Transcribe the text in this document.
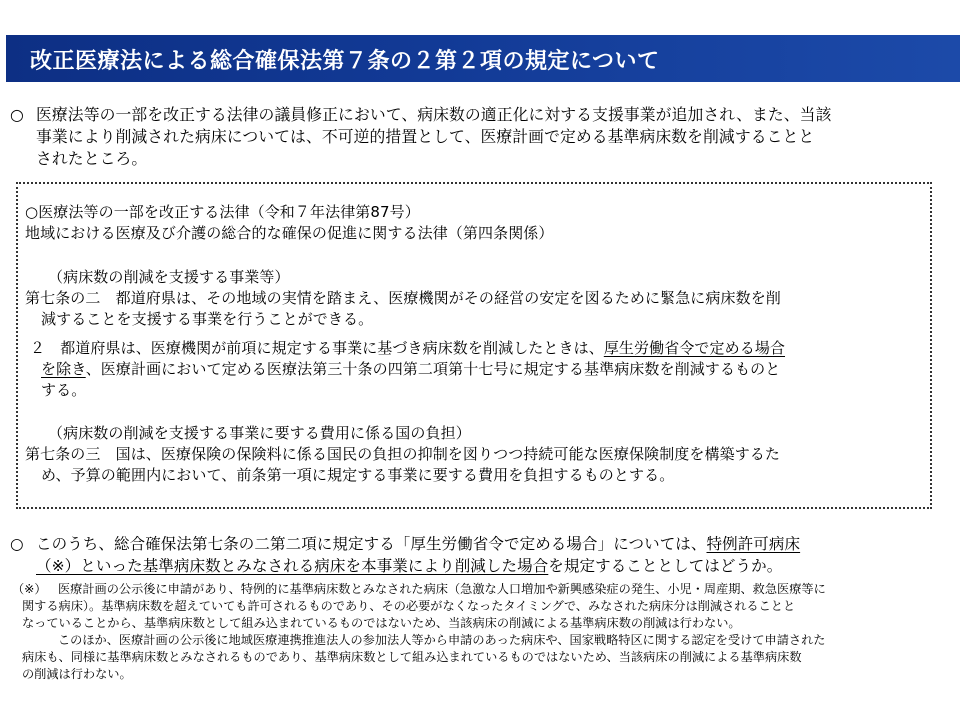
改正医療法による総合確保法第７条の２第２項の規定について
○ 医療法等の一部を改正する法律の議員修正において、病床数の適正化に対する支援事業が追加され、また、当該
事業により削減された病床については、不可逆的措置として、医療計画で定める基準病床数を削減することと
されたところ。
○医療法等の一部を改正する法律（令和７年法律第87号）
地域における医療及び介護の総合的な確保の促進に関する法律（第四条関係）
（病床数の削減を支援する事業等）
第七条の二　都道府県は、その地域の実情を踏まえ、医療機関がその経営の安定を図るために緊急に病床数を削
減することを支援する事業を行うことができる。
２　都道府県は、医療機関が前項に規定する事業に基づき病床数を削減したときは、厚生労働省令で定める場合
を除き、医療計画において定める医療法第三十条の四第二項第十七号に規定する基準病床数を削減するものと
する。
（病床数の削減を支援する事業に要する費用に係る国の負担）
第七条の三　国は、医療保険の保険料に係る国民の負担の抑制を図りつつ持続可能な医療保険制度を構築するた
め、予算の範囲内において、前条第一項に規定する事業に要する費用を負担するものとする。
○ このうち、総合確保法第七条の二第二項に規定する「厚生労働省令で定める場合」については、特例許可病床
（※）といった基準病床数とみなされる病床を本事業により削減した場合を規定することとしてはどうか。
（※） 医療計画の公示後に申請があり、特例的に基準病床数とみなされた病床（急激な人口増加や新興感染症の発生、小児・周産期、救急医療等に
関する病床）。基準病床数を超えていても許可されるものであり、その必要がなくなったタイミングで、みなされた病床分は削減されることと
なっていることから、基準病床数として組み込まれているものではないため、当該病床の削減による基準病床数の削減は行わない。
このほか、医療計画の公示後に地域医療連携推進法人の参加法人等から申請のあった病床や、国家戦略特区に関する認定を受けて申請された
病床も、同様に基準病床数とみなされるものであり、基準病床数として組み込まれているものではないため、当該病床の削減による基準病床数
の削減は行わない。
